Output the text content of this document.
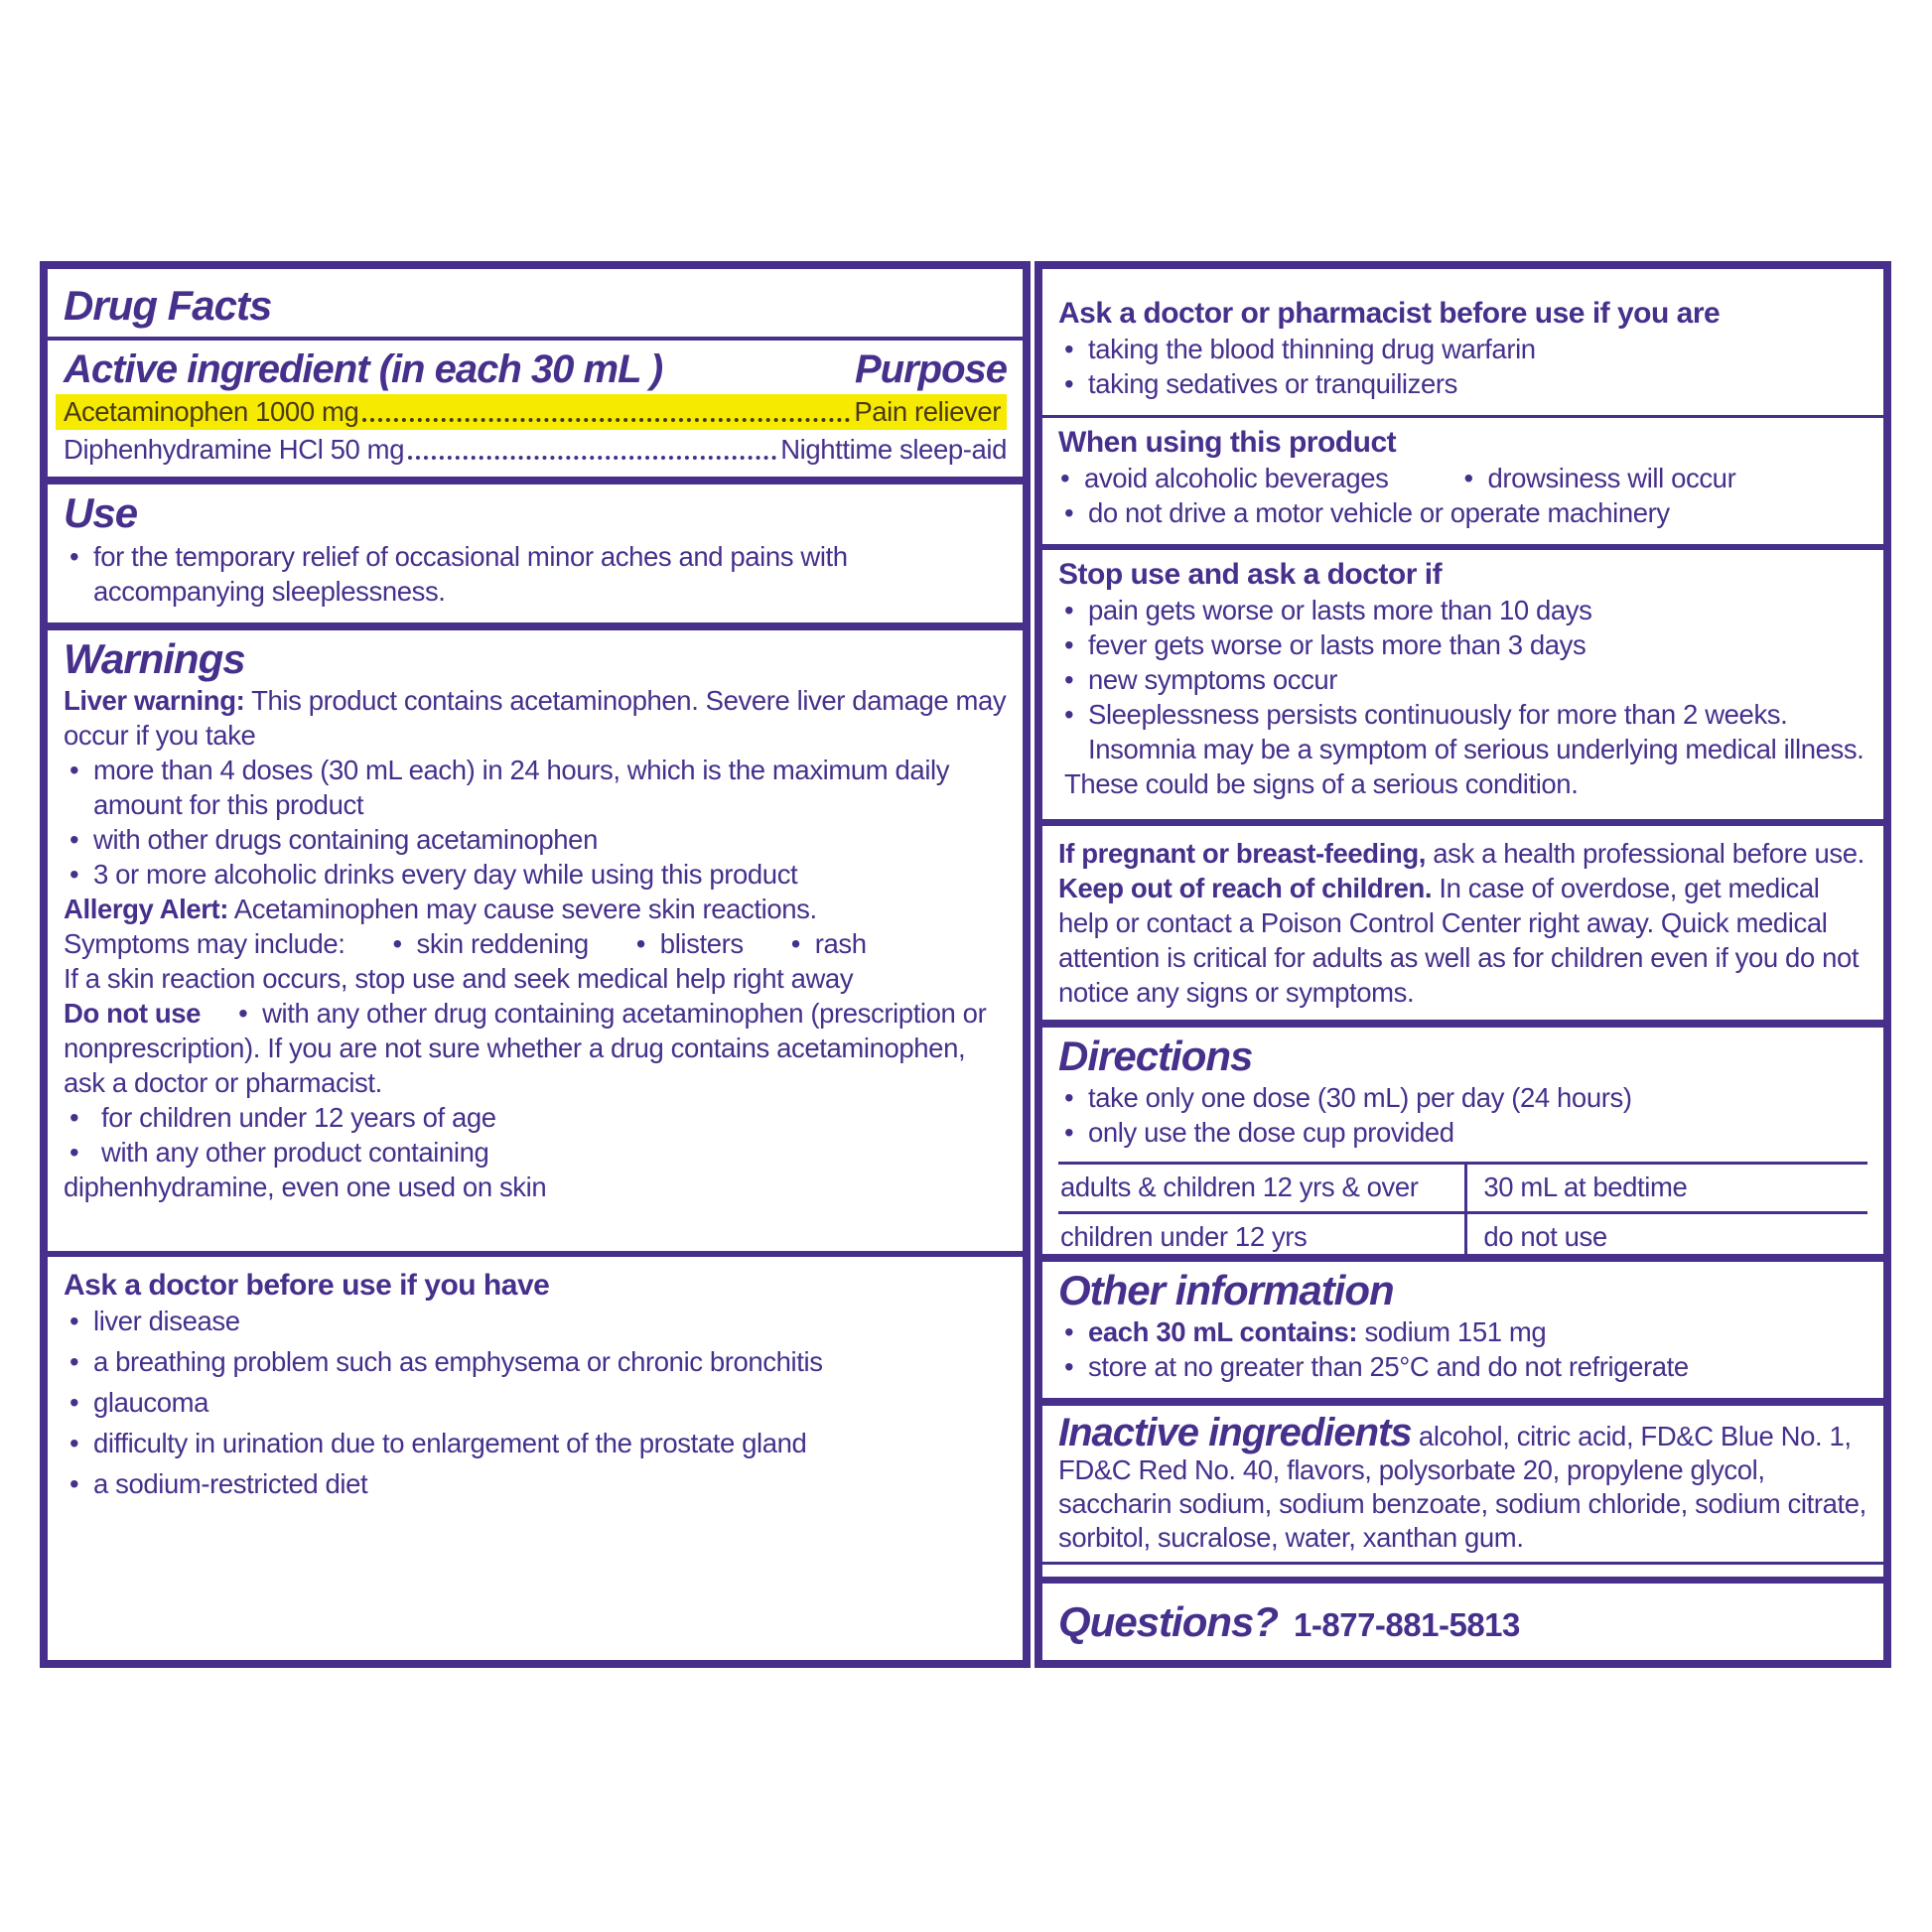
Drug Facts

Active ingredient (in each 30 mL )	Purpose
Acetaminophen 1000 mg	Pain reliever
Diphenhydramine HCl 50 mg	Nighttime sleep-aid

Use

• for the temporary relief of occasional minor aches and pains with accompanying sleeplessness.

Warnings

Liver warning: This product contains acetaminophen. Severe liver damage may occur if you take

• more than 4 doses (30 mL each) in 24 hours, which is the maximum daily amount for this product

• with other drugs containing acetaminophen

• 3 or more alcoholic drinks every day while using this product

Allergy Alert: Acetaminophen may cause severe skin reactions.

Symptoms may include:	• skin reddening	• blisters	• rash

If a skin reaction occurs, stop use and seek medical help right away

Do not use • with any other drug containing acetaminophen (prescription or nonprescription). If you are not sure whether a drug contains acetaminophen, ask a doctor or pharmacist.

• for children under 12 years of age

• with any other product containing

diphenhydramine, even one used on skin

Ask a doctor before use if you have

• liver disease

• a breathing problem such as emphysema or chronic bronchitis

• glaucoma

• difficulty in urination due to enlargement of the prostate gland

• a sodium-restricted diet

Ask a doctor or pharmacist before use if you are

• taking the blood thinning drug warfarin

• taking sedatives or tranquilizers

When using this product

• avoid alcoholic beverages	• drowsiness will occur

• do not drive a motor vehicle or operate machinery

Stop use and ask a doctor if

• pain gets worse or lasts more than 10 days

• fever gets worse or lasts more than 3 days

• new symptoms occur

• Sleeplessness persists continuously for more than 2 weeks. Insomnia may be a symptom of serious underlying medical illness.

These could be signs of a serious condition.

If pregnant or breast-feeding, ask a health professional before use. Keep out of reach of children. In case of overdose, get medical help or contact a Poison Control Center right away. Quick medical attention is critical for adults as well as for children even if you do not notice any signs or symptoms.

Directions

• take only one dose (30 mL) per day (24 hours)

• only use the dose cup provided

adults & children 12 yrs & over	30 mL at bedtime
children under 12 yrs	do not use

Other information

• each 30 mL contains: sodium 151 mg

• store at no greater than 25°C and do not refrigerate

Inactive ingredients alcohol, citric acid, FD&C Blue No. 1, FD&C Red No. 40, flavors, polysorbate 20, propylene glycol, saccharin sodium, sodium benzoate, sodium chloride, sodium citrate, sorbitol, sucralose, water, xanthan gum.

Questions? 1-877-881-5813
